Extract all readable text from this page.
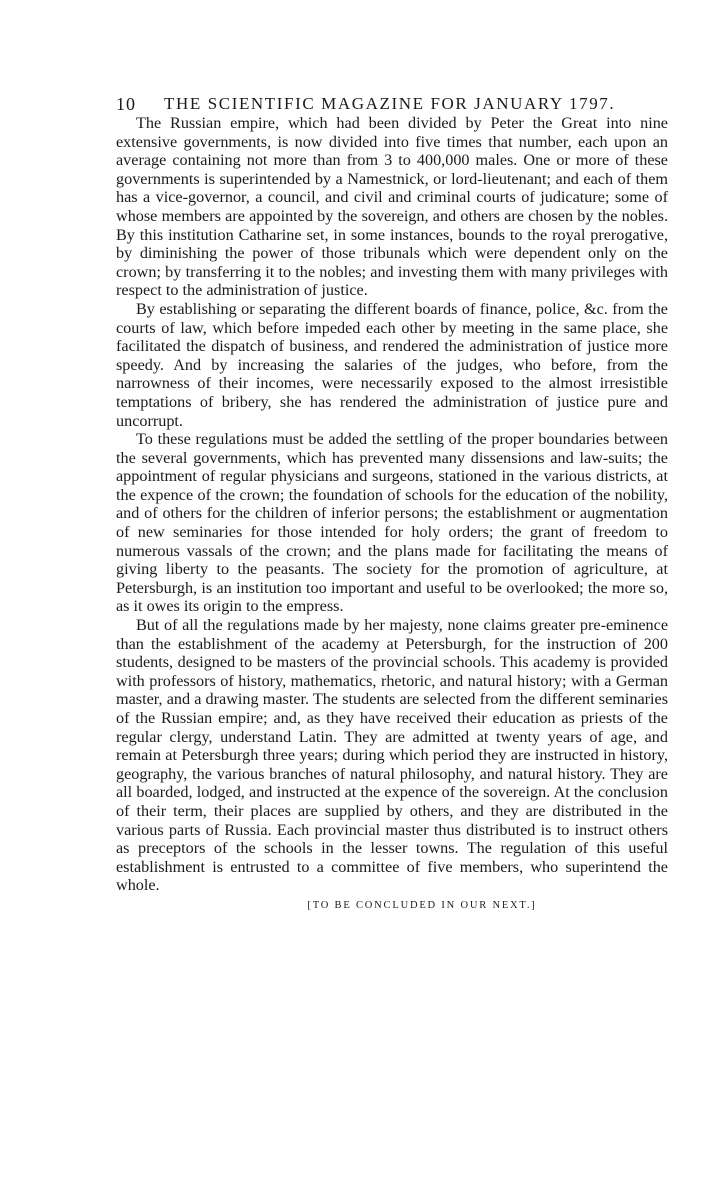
10 THE SCIENTIFIC MAGAZINE FOR JANUARY 1797.

The Russian empire, which had been divided by Peter the Great into nine extensive governments, is now divided into five times that number, each upon an average containing not more than from 3 to 400,000 males. One or more of these governments is superintended by a Namestnick, or lord-lieutenant; and each of them has a vice-governor, a council, and civil and criminal courts of judicature; some of whose members are appointed by the sovereign, and others are chosen by the nobles. By this institution Catharine set, in some instances, bounds to the royal prerogative, by diminishing the power of those tribunals which were dependent only on the crown; by transferring it to the nobles; and investing them with many privileges with respect to the administration of justice.

By establishing or separating the different boards of finance, police, &c. from the courts of law, which before impeded each other by meeting in the same place, she facilitated the dispatch of business, and rendered the administration of justice more speedy. And by increasing the salaries of the judges, who before, from the narrowness of their incomes, were necessarily exposed to the almost irresistible temptations of bribery, she has rendered the administration of justice pure and uncorrupt.

To these regulations must be added the settling of the proper boundaries between the several governments, which has prevented many dissensions and law-suits; the appointment of regular physicians and surgeons, stationed in the various districts, at the expence of the crown; the foundation of schools for the education of the nobility, and of others for the children of inferior persons; the establishment or augmentation of new seminaries for those intended for holy orders; the grant of freedom to numerous vassals of the crown; and the plans made for facilitating the means of giving liberty to the peasants. The society for the promotion of agriculture, at Petersburgh, is an institution too important and useful to be overlooked; the more so, as it owes its origin to the empress.

But of all the regulations made by her majesty, none claims greater pre-eminence than the establishment of the academy at Petersburgh, for the instruction of 200 students, designed to be masters of the provincial schools. This academy is provided with professors of history, mathematics, rhetoric, and natural history; with a German master, and a drawing master. The students are selected from the different seminaries of the Russian empire; and, as they have received their education as priests of the regular clergy, understand Latin. They are admitted at twenty years of age, and remain at Petersburgh three years; during which period they are instructed in history, geography, the various branches of natural philosophy, and natural history. They are all boarded, lodged, and instructed at the expence of the sovereign. At the conclusion of their term, their places are supplied by others, and they are distributed in the various parts of Russia. Each provincial master thus distributed is to instruct others as preceptors of the schools in the lesser towns. The regulation of this useful establishment is entrusted to a committee of five members, who superintend the whole.

[TO BE CONCLUDED IN OUR NEXT.]
